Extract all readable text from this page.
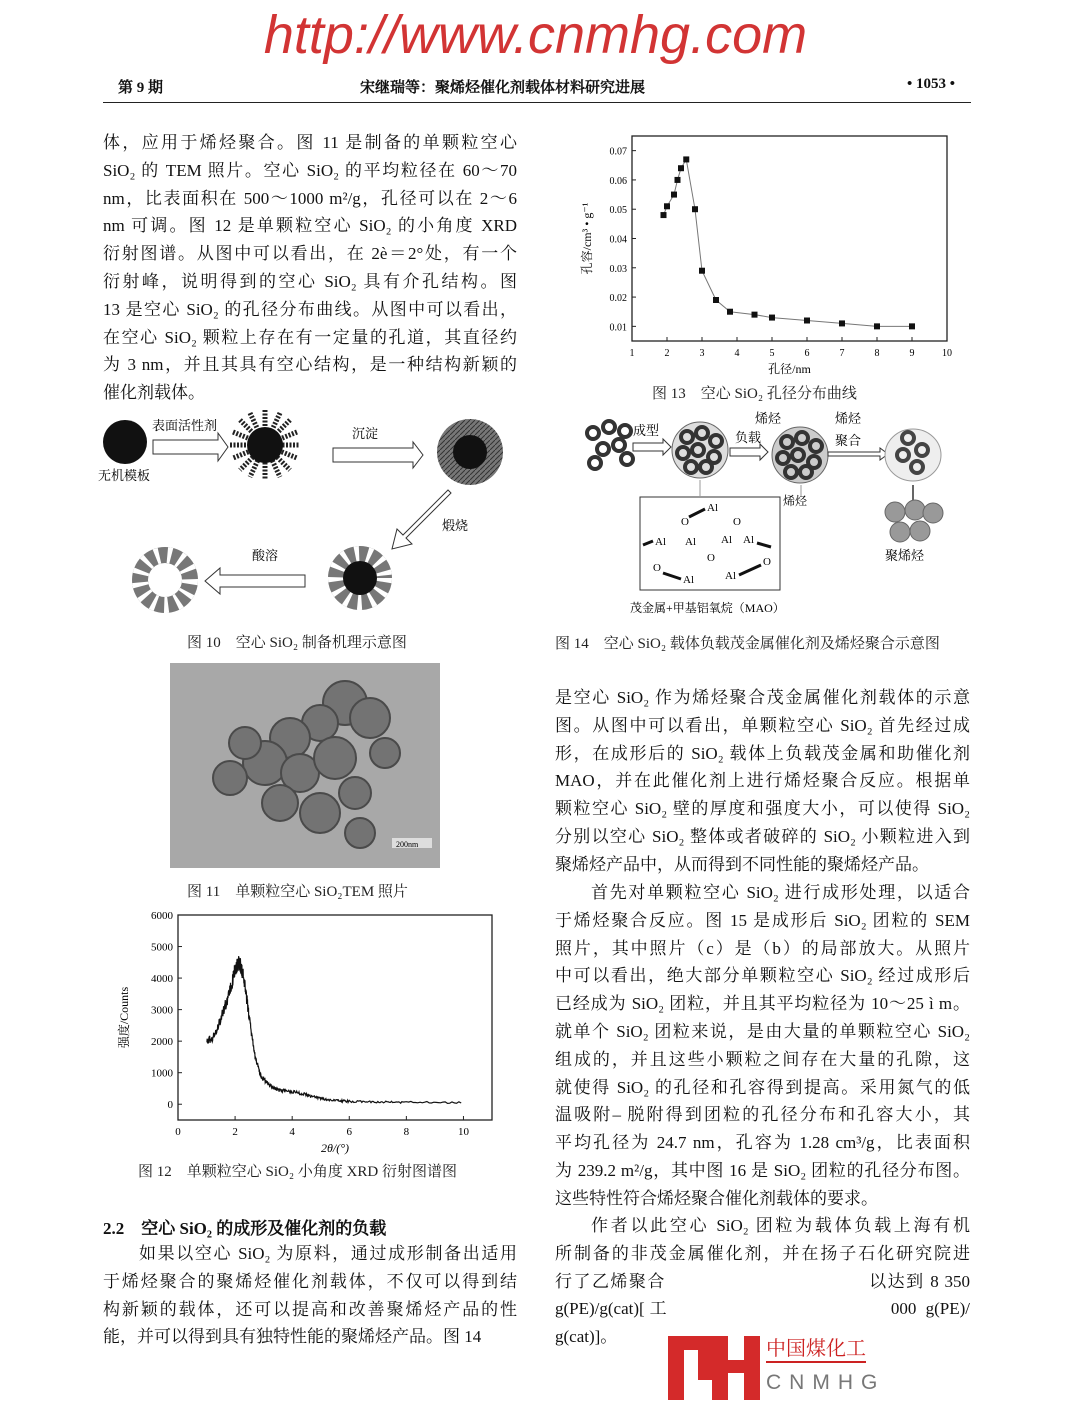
第 9 期	宋继瑞等：聚烯烃催化剂载体材料研究进展	• 1053 •
体，应用于烯烃聚合。图 11 是制备的单颗粒空心
SiO₂ 的 TEM 照片。空心 SiO₂ 的平均粒径在 60～70
nm，比表面积在 500～1000 m²/g，孔径可以在 2～6
nm 可调。图 12 是单颗粒空心 SiO₂ 的小角度 XRD
衍射图谱。从图中可以看出，在 2è＝2°处，有一个
衍射峰，说明得到的空心 SiO₂ 具有介孔结构。图
13 是空心 SiO₂ 的孔径分布曲线。从图中可以看出，
在空心 SiO₂ 颗粒上存在有一定量的孔道，其直径约
为 3 nm，并且其具有空心结构，是一种结构新颖的
催化剂载体。
无机模板
表面活性剂
沉淀
煅烧
酸溶
图 10　空心 SiO₂ 制备机理示意图
200nm
图 11　单颗粒空心 SiO₂TEM 照片
0	2	4	6	8	10
0
1000
2000
3000
4000
5000
6000
2θ/(°)
强度/Counts
图 12　单颗粒空心 SiO₂ 小角度 XRD 衍射图谱图
2.2　空心 SiO₂ 的成形及催化剂的负载
如果以空心 SiO₂ 为原料，通过成形制备出适用
于烯烃聚合的聚烯烃催化剂载体，不仅可以得到结
构新颖的载体，还可以提高和改善聚烯烃产品的性
能，并可以得到具有独特性能的聚烯烃产品。图 14
1	2	3	4	5	6	7	8	9	10
0.01
0.02
0.03
0.04
0.05
0.06
0.07
孔径/nm
孔容/cm³ • g⁻¹
图 13　空心 SiO₂ 孔径分布曲线
成型	负载
烯烃	烯烃
聚合
聚烯烃
烯烃
Al
O	O
Al Al Al Al
O
O
Al	Al
O
茂金属+甲基铝氧烷（MAO）
图 14　空心 SiO₂ 载体负载茂金属催化剂及烯烃聚合示意图
是空心 SiO₂ 作为烯烃聚合茂金属催化剂载体的示意
图。从图中可以看出，单颗粒空心 SiO₂ 首先经过成
形，在成形后的 SiO₂ 载体上负载茂金属和助催化剂
MAO，并在此催化剂上进行烯烃聚合反应。根据单
颗粒空心 SiO₂ 壁的厚度和强度大小，可以使得 SiO₂
分别以空心 SiO₂ 整体或者破碎的 SiO₂ 小颗粒进入到
聚烯烃产品中，从而得到不同性能的聚烯烃产品。
首先对单颗粒空心 SiO₂ 进行成形处理，以适合
于烯烃聚合反应。图 15 是成形后 SiO₂ 团粒的 SEM
照片，其中照片（c）是（b）的局部放大。从照片
中可以看出，绝大部分单颗粒空心 SiO₂ 经过成形后
已经成为 SiO₂ 团粒，并且其平均粒径为 10～25 ì m。
就单个 SiO₂ 团粒来说，是由大量的单颗粒空心 SiO₂
组成的，并且这些小颗粒之间存在大量的孔隙，这
就使得 SiO₂ 的孔径和孔容得到提高。采用氮气的低
温吸附– 脱附得到团粒的孔径分布和孔容大小，其
平均孔径为 24.7 nm，孔容为 1.28 cm³/g，比表面积
为 239.2 m²/g，其中图 16 是 SiO₂ 团粒的孔径分布图。
这些特性符合烯烃聚合催化剂载体的要求。
作者以此空心 SiO₂ 团粒为载体负载上海有机
所制备的非茂金属催化剂，并在扬子石化研究院进
行了乙烯聚合　　　　　　　　　　　以达到 8 350
g(PE)/g(cat)[工　　　　　　　　　　000 g(PE)/
g(cat)]。
http://www.cnmhg.com
中国煤化工
CNMHG
